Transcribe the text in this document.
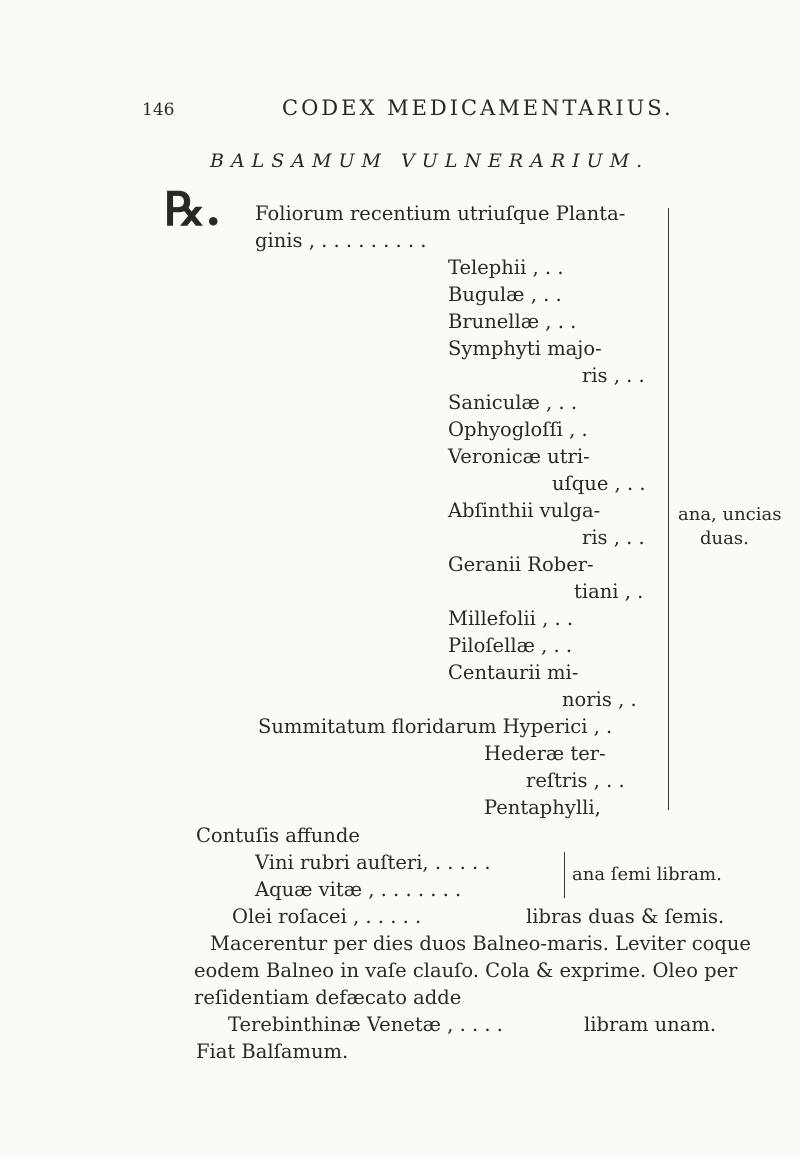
146	CODEX MEDICAMENTARIUS.
BALSAMUM VULNERARIUM.
℞. Foliorum recentium utriuſque Planta-
ginis , . . . . . . . . .
Telephii , . .
Bugulæ , . .
Brunellæ , . .
Symphyti majo-
ris , . .
Saniculæ , . .
Ophyogloſſi , .
Veronicæ utri-
uſque , . .
Abſinthii vulga-
ris , . .
Geranii Rober-
tiani , .
Millefolii , . .
Piloſellæ , . .
Centaurii mi-
noris , .
Summitatum floridarum Hyperici , .
Hederæ ter-
reſtris , . .
Pentaphylli,
ana, uncias
duas.
Contuſis affunde
Vini rubri auſteri, . . . . .
Aquæ vitæ , . . . . . . .
ana ſemi libram.
Olei roſacei , . . . . .	libras duas & ſemis.
Macerentur per dies duos Balneo-maris. Leviter coque
eodem Balneo in vaſe clauſo. Cola & exprime. Oleo per
reſidentiam defæcato adde
Terebinthinæ Venetæ , . . . .	libram unam.
Fiat Balſamum.
